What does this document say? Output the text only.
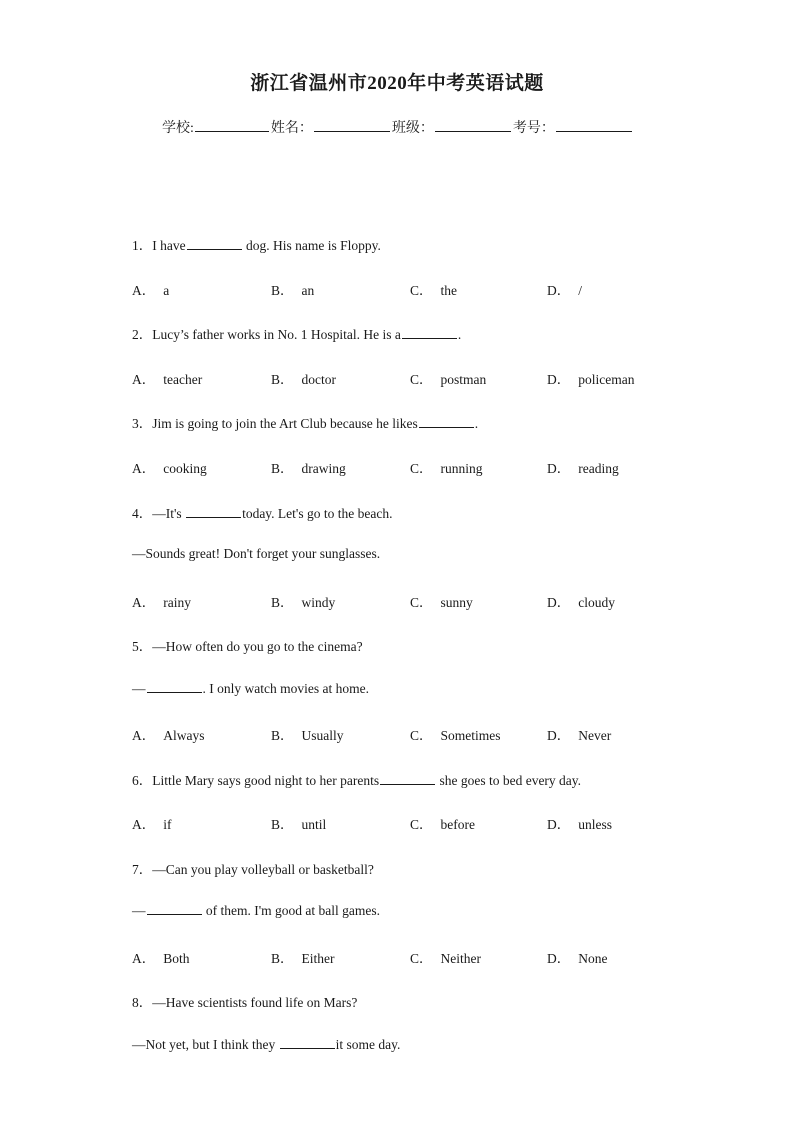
浙江省温州市2020年中考英语试题
学校:	姓名：	班级：	考号：
1．I have	dog. His name is Floppy.
A． a	B． an	C． the	D． /
2．Lucy’s father works in No. 1 Hospital. He is a	.
A． teacher	B． doctor	C． postman	D． policeman
3．Jim is going to join the Art Club because he likes	.
A． cooking	B． drawing	C． running	D． reading
4．—It's	today. Let's go to the beach.
—Sounds great! Don't forget your sunglasses.
A． rainy	B． windy	C． sunny	D． cloudy
5．—How often do you go to the cinema?
—	. I only watch movies at home.
A． Always	B． Usually	C． Sometimes	D． Never
6．Little Mary says good night to her parents	she goes to bed every day.
A． if	B． until	C． before	D． unless
7．—Can you play volleyball or basketball?
—	of them. I'm good at ball games.
A． Both	B． Either	C． Neither	D． None
8．—Have scientists found life on Mars?
—Not yet, but I think they	it some day.
